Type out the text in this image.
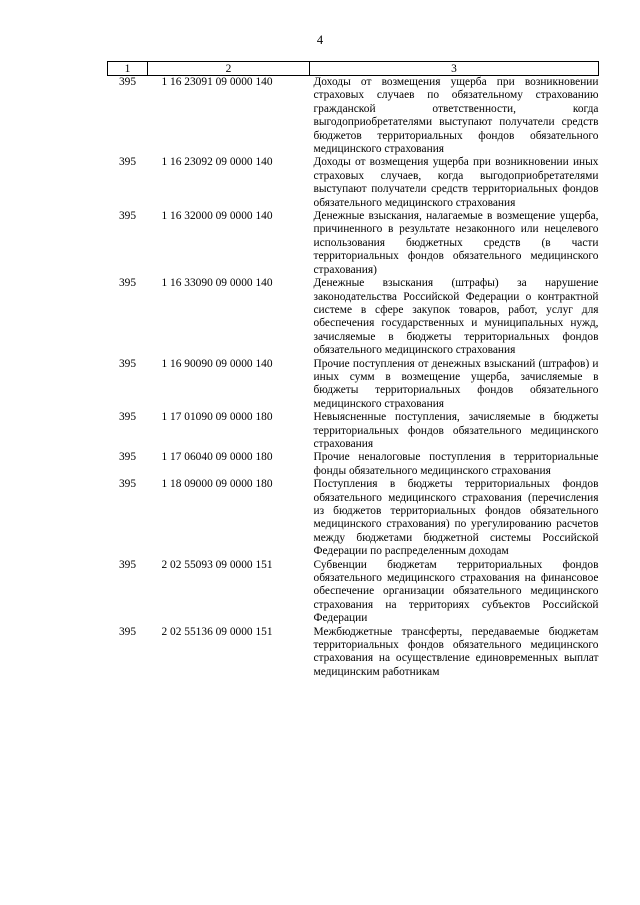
4
1	2	3
395	1 16 23091 09 0000 140	Доходы от возмещения ущерба при возникновении страховых случаев по обязательному страхованию гражданской ответственности, когда выгодоприобретателями выступают получатели средств бюджетов территориальных фондов обязательного медицинского страхования
395	1 16 23092 09 0000 140	Доходы от возмещения ущерба при возникновении иных страховых случаев, когда выгодоприобретателями выступают получатели средств территориальных фондов обязательного медицинского страхования
395	1 16 32000 09 0000 140	Денежные взыскания, налагаемые в возмещение ущерба, причиненного в результате незаконного или нецелевого использования бюджетных средств (в части территориальных фондов обязательного медицинского страхования)
395	1 16 33090 09 0000 140	Денежные взыскания (штрафы) за нарушение законодательства Российской Федерации о контрактной системе в сфере закупок товаров, работ, услуг для обеспечения государственных и муниципальных нужд, зачисляемые в бюджеты территориальных фондов обязательного медицинского страхования
395	1 16 90090 09 0000 140	Прочие поступления от денежных взысканий (штрафов) и иных сумм в возмещение ущерба, зачисляемые в бюджеты территориальных фондов обязательного медицинского страхования
395	1 17 01090 09 0000 180	Невыясненные поступления, зачисляемые в бюджеты территориальных фондов обязательного медицинского страхования
395	1 17 06040 09 0000 180	Прочие неналоговые поступления в территориальные фонды обязательного медицинского страхования
395	1 18 09000 09 0000 180	Поступления в бюджеты территориальных фондов обязательного медицинского страхования (перечисления из бюджетов территориальных фондов обязательного медицинского страхования) по урегулированию расчетов между бюджетами бюджетной системы Российской Федерации по распределенным доходам
395	2 02 55093 09 0000 151	Субвенции бюджетам территориальных фондов обязательного медицинского страхования на финансовое обеспечение организации обязательного медицинского страхования на территориях субъектов Российской Федерации
395	2 02 55136 09 0000 151	Межбюджетные трансферты, передаваемые бюджетам территориальных фондов обязательного медицинского страхования на осуществление единовременных выплат медицинским работникам
